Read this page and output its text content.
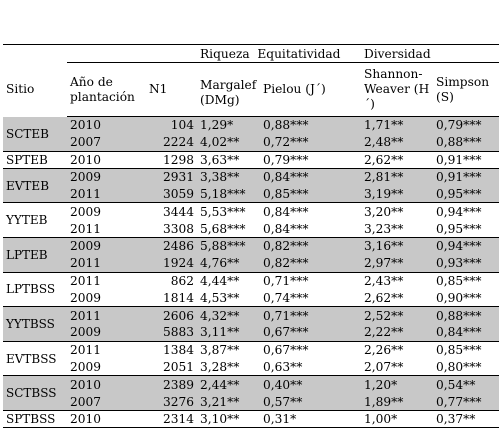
			Riqueza Equitatividad		Diversidad	
Sitio	Año de plantación	N1	Margalef (DMg)	Pielou (J´)	Shannon-Weaver (H´)	Simpson (S)
SCTEB	2010	104	1,29*	0,88***	1,71**	0,79***
	2007	2224	4,02**	0,72***	2,48**	0,88***
SPTEB	2010	1298	3,63**	0,79***	2,62**	0,91***
EVTEB	2009	2931	3,38**	0,84***	2,81**	0,91***
	2011	3059	5,18***	0,85***	3,19**	0,95***
YYTEB	2009	3444	5,53***	0,84***	3,20**	0,94***
	2011	3308	5,68***	0,84***	3,23**	0,95***
LPTEB	2009	2486	5,88***	0,82***	3,16**	0,94***
	2011	1924	4,76**	0,82***	2,97**	0,93***
LPTBSS	2011	862	4,44**	0,71***	2,43**	0,85***
	2009	1814	4,53**	0,74***	2,62**	0,90***
YYTBSS	2011	2606	4,32**	0,71***	2,52**	0,88***
	2009	5883	3,11**	0,67***	2,22**	0,84***
EVTBSS	2011	1384	3,87**	0,67***	2,26**	0,85***
	2009	2051	3,28**	0,63**	2,07**	0,80***
SCTBSS	2010	2389	2,44**	0,40**	1,20*	0,54**
	2007	3276	3,21**	0,57**	1,89**	0,77***
SPTBSS	2010	2314	3,10**	0,31*	1,00*	0,37**
